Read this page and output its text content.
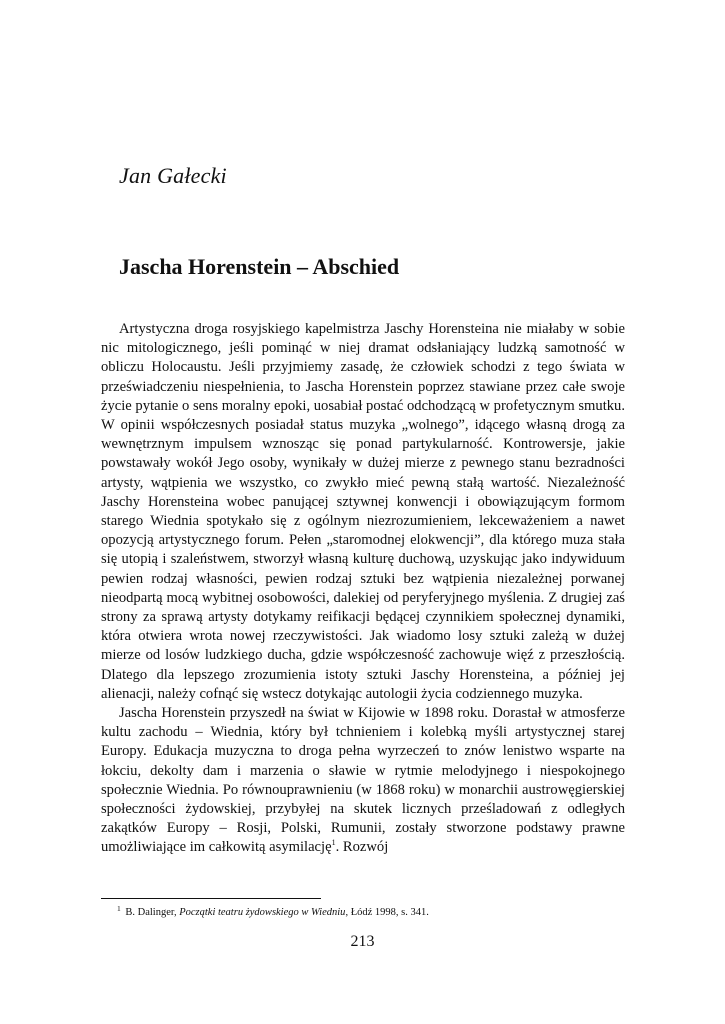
Jan Gałecki
Jascha Horenstein – Abschied

Artystyczna droga rosyjskiego kapelmistrza Jaschy Horensteina nie miałaby w sobie nic mitologicznego, jeśli pominąć w niej dramat odsłaniający ludzką samotność w obliczu Holocaustu. Jeśli przyjmiemy zasadę, że człowiek schodzi z tego świata w przeświadczeniu niespełnienia, to Jascha Horenstein poprzez stawiane przez całe swoje życie pytanie o sens moralny epoki, uosabiał postać odchodzącą w profetycznym smutku. W opinii współczesnych posiadał status muzyka „wolnego”, idącego własną drogą za wewnętrznym impulsem wznosząc się ponad partykularność. Kontrowersje, jakie powstawały wokół Jego osoby, wynikały w dużej mierze z pewnego stanu bezradności artysty, wątpienia we wszystko, co zwykło mieć pewną stałą wartość. Niezależność Jaschy Horensteina wobec panującej sztywnej konwencji i obowiązującym formom starego Wiednia spotykało się z ogólnym niezrozumieniem, lekceważeniem a nawet opozycją artystycznego forum. Pełen „staromodnej elokwencji”, dla którego muza stała się utopią i szaleństwem, stworzył własną kulturę duchową, uzyskując jako indywiduum pewien rodzaj własności, pewien rodzaj sztuki bez wątpienia niezależnej porwanej nieodpartą mocą wybitnej osobowości, dalekiej od peryferyjnego myślenia. Z drugiej zaś strony za sprawą artysty dotykamy reifikacji będącej czynnikiem społecznej dynamiki, która otwiera wrota nowej rzeczywistości. Jak wiadomo losy sztuki zależą w dużej mierze od losów ludzkiego ducha, gdzie współczesność zachowuje więź z przeszłością. Dlatego dla lepszego zrozumienia istoty sztuki Jaschy Horensteina, a później jej alienacji, należy cofnąć się wstecz dotykając autologii życia codziennego muzyka.

Jascha Horenstein przyszedł na świat w Kijowie w 1898 roku. Dorastał w atmosferze kultu zachodu – Wiednia, który był tchnieniem i kolebką myśli artystycznej starej Europy. Edukacja muzyczna to droga pełna wyrzeczeń to znów lenistwo wsparte na łokciu, dekolty dam i marzenia o sławie w rytmie melodyjnego i niespokojnego społecznie Wiednia. Po równouprawnieniu (w 1868 roku) w monarchii austrowęgierskiej społeczności żydowskiej, przybyłej na skutek licznych prześladowań z odległych zakątków Europy – Rosji, Polski, Rumunii, zostały stworzone podstawy prawne umożliwiające im całkowitą asymilację$^1$. Rozwój

$^1$ B. Dalinger, Początki teatru żydowskiego w Wiedniu, Łódź 1998, s. 341.
213
